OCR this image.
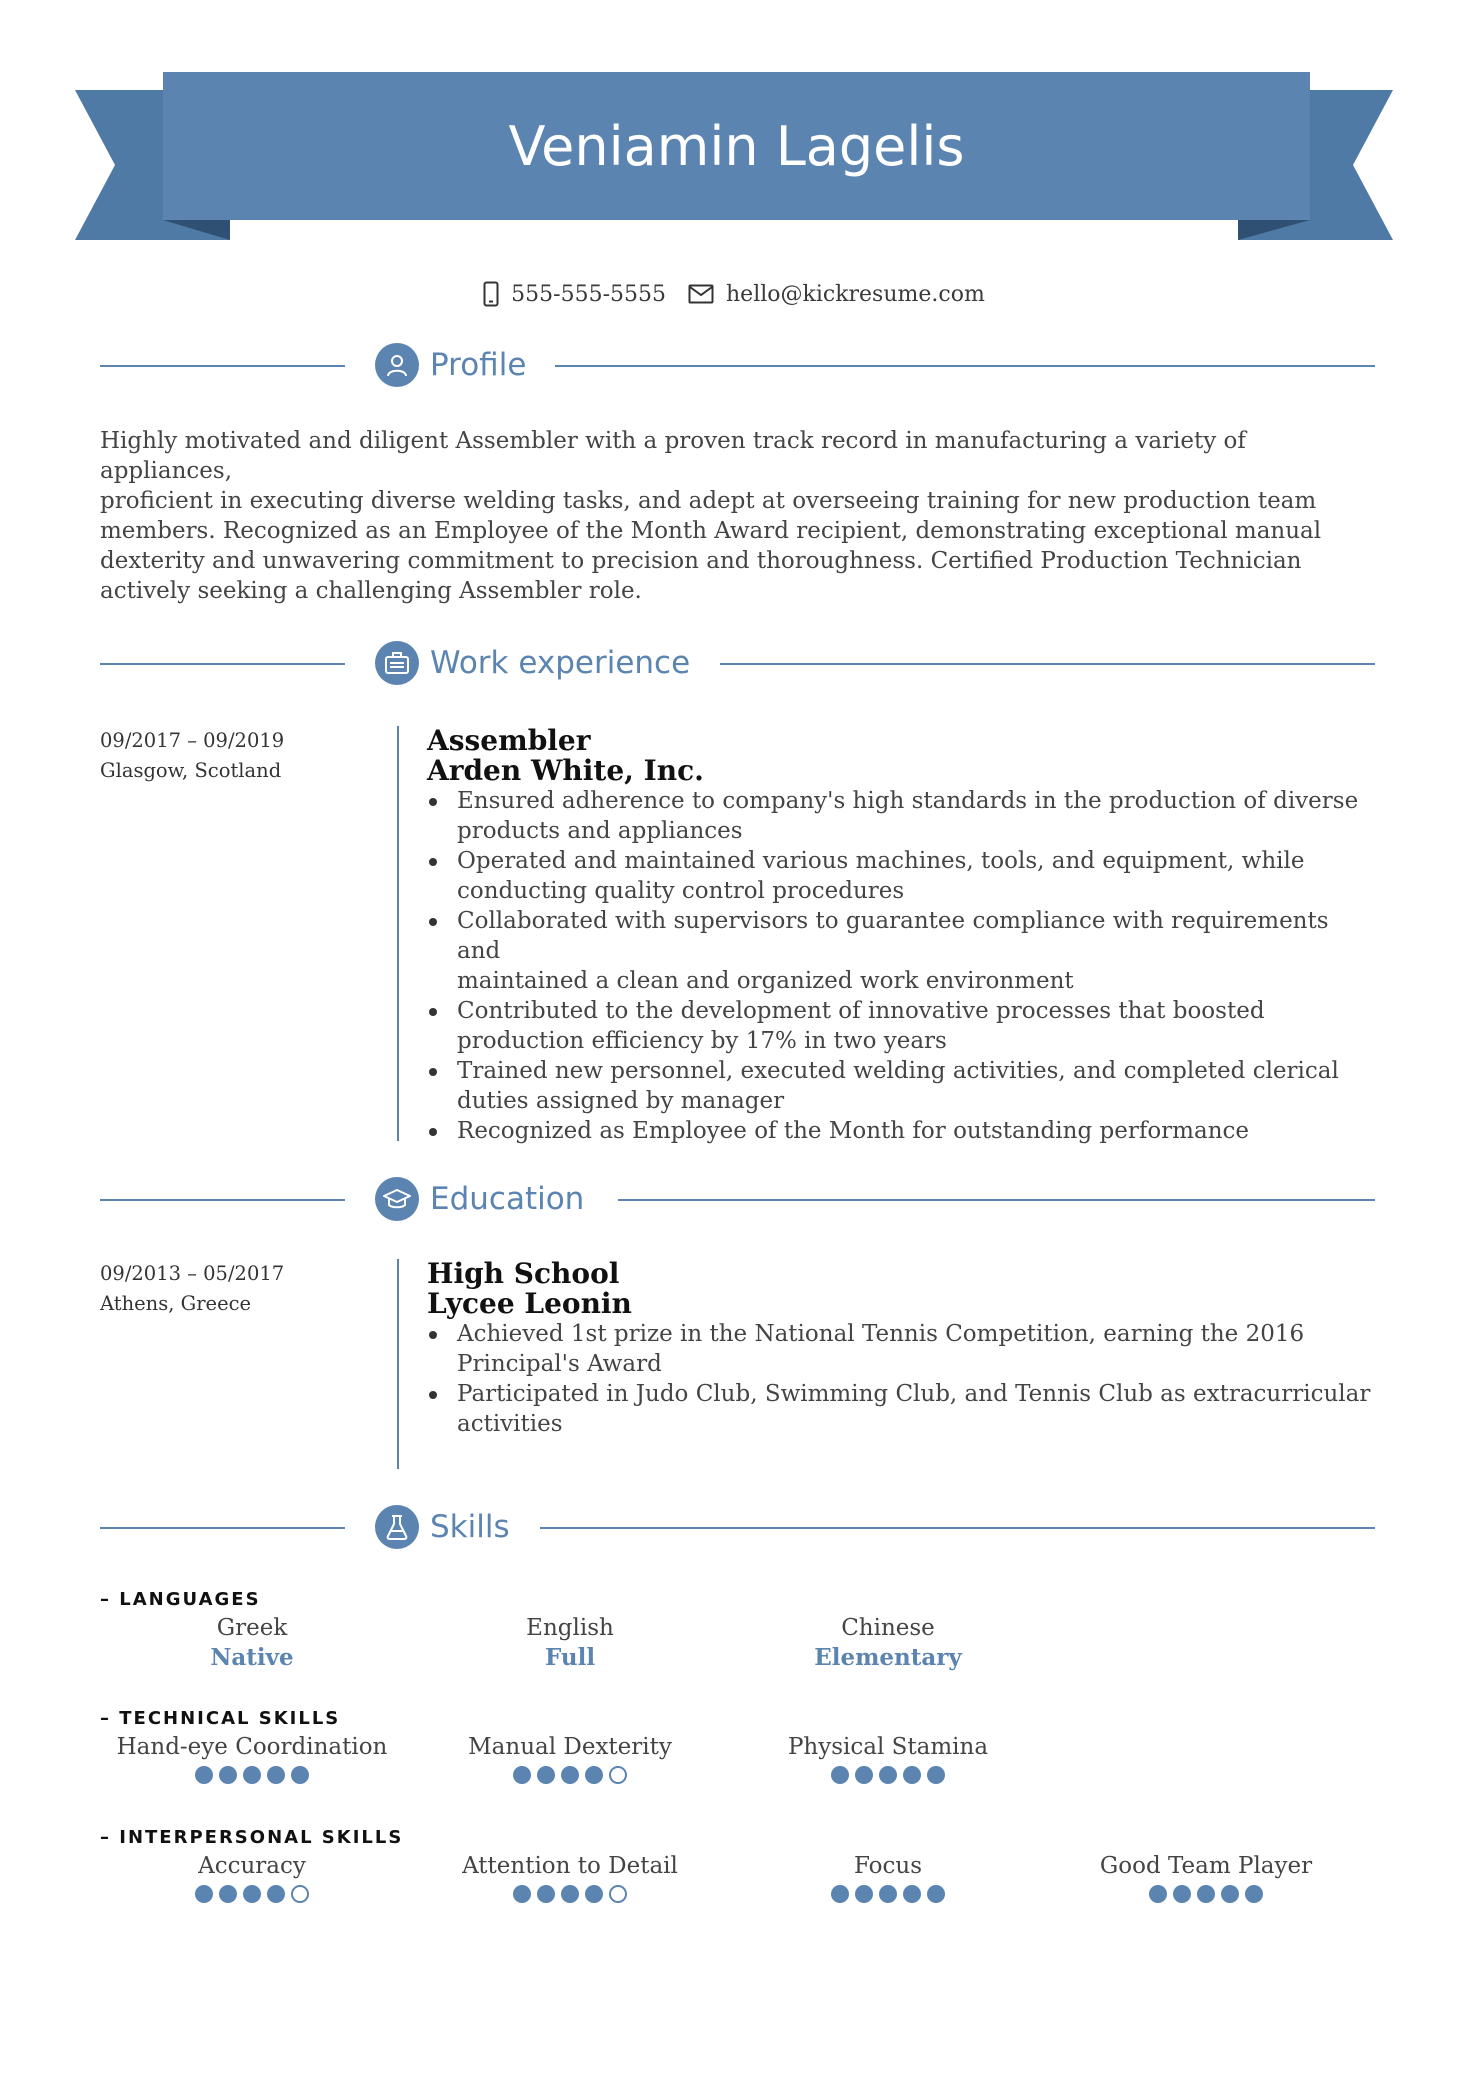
Veniamin Lagelis
555-555-5555	hello@kickresume.com
Profile
Highly motivated and diligent Assembler with a proven track record in manufacturing a variety of appliances,
proficient in executing diverse welding tasks, and adept at overseeing training for new production team
members. Recognized as an Employee of the Month Award recipient, demonstrating exceptional manual
dexterity and unwavering commitment to precision and thoroughness. Certified Production Technician
actively seeking a challenging Assembler role.
Work experience
09/2017 – 09/2019
Glasgow, Scotland
Assembler
Arden White, Inc.
Ensured adherence to company's high standards in the production of diverse
products and appliances
Operated and maintained various machines, tools, and equipment, while
conducting quality control procedures
Collaborated with supervisors to guarantee compliance with requirements and
maintained a clean and organized work environment
Contributed to the development of innovative processes that boosted
production efficiency by 17% in two years
Trained new personnel, executed welding activities, and completed clerical
duties assigned by manager
Recognized as Employee of the Month for outstanding performance
Education
09/2013 – 05/2017
Athens, Greece
High School
Lycee Leonin
Achieved 1st prize in the National Tennis Competition, earning the 2016
Principal's Award
Participated in Judo Club, Swimming Club, and Tennis Club as extracurricular
activities
Skills
– LANGUAGES
Greek
Native
English
Full
Chinese
Elementary
– TECHNICAL SKILLS
Hand-eye Coordination	Manual Dexterity	Physical Stamina
– INTERPERSONAL SKILLS
Accuracy	Attention to Detail	Focus	Good Team Player
